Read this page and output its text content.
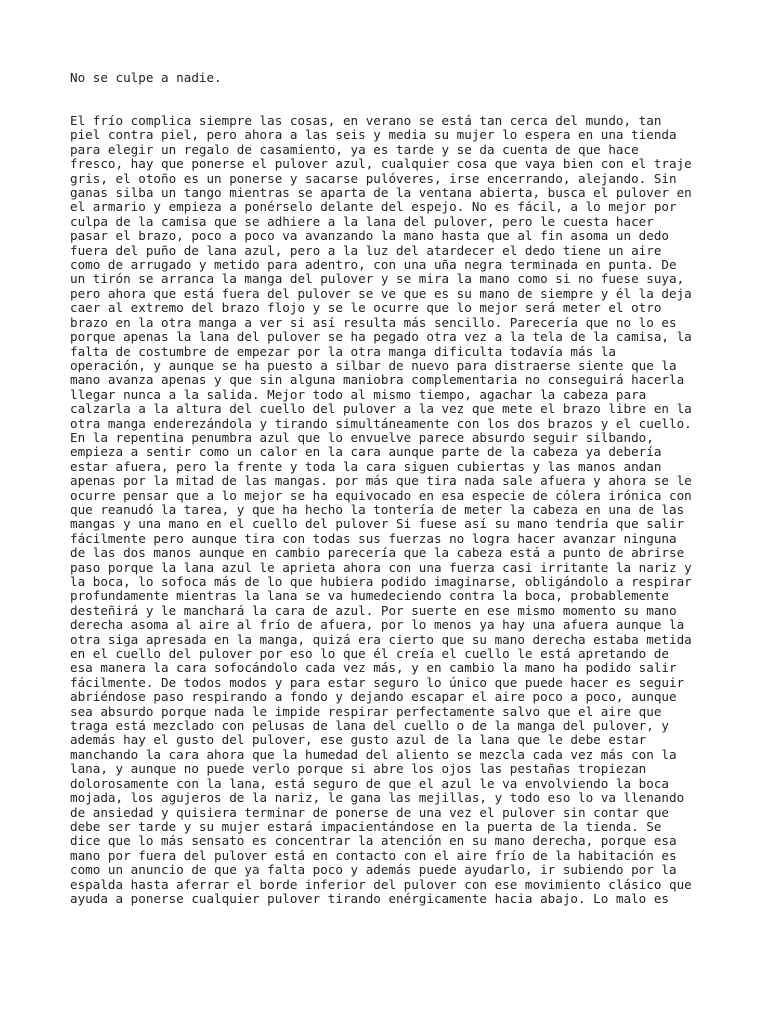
No se culpe a nadie.
El frío complica siempre las cosas, en verano se está tan cerca del mundo, tan
piel contra piel, pero ahora a las seis y media su mujer lo espera en una tienda
para elegir un regalo de casamiento, ya es tarde y se da cuenta de que hace
fresco, hay que ponerse el pulover azul, cualquier cosa que vaya bien con el traje
gris, el otoño es un ponerse y sacarse pulóveres, irse encerrando, alejando. Sin
ganas silba un tango mientras se aparta de la ventana abierta, busca el pulover en
el armario y empieza a ponérselo delante del espejo. No es fácil, a lo mejor por
culpa de la camisa que se adhiere a la lana del pulover, pero le cuesta hacer
pasar el brazo, poco a poco va avanzando la mano hasta que al fin asoma un dedo
fuera del puño de lana azul, pero a la luz del atardecer el dedo tiene un aire
como de arrugado y metido para adentro, con una uña negra terminada en punta. De
un tirón se arranca la manga del pulover y se mira la mano como si no fuese suya,
pero ahora que está fuera del pulover se ve que es su mano de siempre y él la deja
caer al extremo del brazo flojo y se le ocurre que lo mejor será meter el otro
brazo en la otra manga a ver si así resulta más sencillo. Parecería que no lo es
porque apenas la lana del pulover se ha pegado otra vez a la tela de la camisa, la
falta de costumbre de empezar por la otra manga dificulta todavía más la
operación, y aunque se ha puesto a silbar de nuevo para distraerse siente que la
mano avanza apenas y que sin alguna maniobra complementaria no conseguirá hacerla
llegar nunca a la salida. Mejor todo al mismo tiempo, agachar la cabeza para
calzarla a la altura del cuello del pulover a la vez que mete el brazo libre en la
otra manga enderezándola y tirando simultáneamente con los dos brazos y el cuello.
En la repentina penumbra azul que lo envuelve parece absurdo seguir silbando,
empieza a sentir como un calor en la cara aunque parte de la cabeza ya debería
estar afuera, pero la frente y toda la cara siguen cubiertas y las manos andan
apenas por la mitad de las mangas. por más que tira nada sale afuera y ahora se le
ocurre pensar que a lo mejor se ha equivocado en esa especie de cólera irónica con
que reanudó la tarea, y que ha hecho la tontería de meter la cabeza en una de las
mangas y una mano en el cuello del pulover Si fuese así su mano tendría que salir
fácilmente pero aunque tira con todas sus fuerzas no logra hacer avanzar ninguna
de las dos manos aunque en cambio parecería que la cabeza está a punto de abrirse
paso porque la lana azul le aprieta ahora con una fuerza casi irritante la nariz y
la boca, lo sofoca más de lo que hubiera podido imaginarse, obligándolo a respirar
profundamente mientras la lana se va humedeciendo contra la boca, probablemente
desteñirá y le manchará la cara de azul. Por suerte en ese mismo momento su mano
derecha asoma al aire al frío de afuera, por lo menos ya hay una afuera aunque la
otra siga apresada en la manga, quizá era cierto que su mano derecha estaba metida
en el cuello del pulover por eso lo que él creía el cuello le está apretando de
esa manera la cara sofocándolo cada vez más, y en cambio la mano ha podido salir
fácilmente. De todos modos y para estar seguro lo único que puede hacer es seguir
abriéndose paso respirando a fondo y dejando escapar el aire poco a poco, aunque
sea absurdo porque nada le impide respirar perfectamente salvo que el aire que
traga está mezclado con pelusas de lana del cuello o de la manga del pulover, y
además hay el gusto del pulover, ese gusto azul de la lana que le debe estar
manchando la cara ahora que la humedad del aliento se mezcla cada vez más con la
lana, y aunque no puede verlo porque si abre los ojos las pestañas tropiezan
dolorosamente con la lana, está seguro de que el azul le va envolviendo la boca
mojada, los agujeros de la nariz, le gana las mejillas, y todo eso lo va llenando
de ansiedad y quisiera terminar de ponerse de una vez el pulover sin contar que
debe ser tarde y su mujer estará impacientándose en la puerta de la tienda. Se
dice que lo más sensato es concentrar la atención en su mano derecha, porque esa
mano por fuera del pulover está en contacto con el aire frío de la habitación es
como un anuncio de que ya falta poco y además puede ayudarlo, ir subiendo por la
espalda hasta aferrar el borde inferior del pulover con ese movimiento clásico que
ayuda a ponerse cualquier pulover tirando enérgicamente hacia abajo. Lo malo es
